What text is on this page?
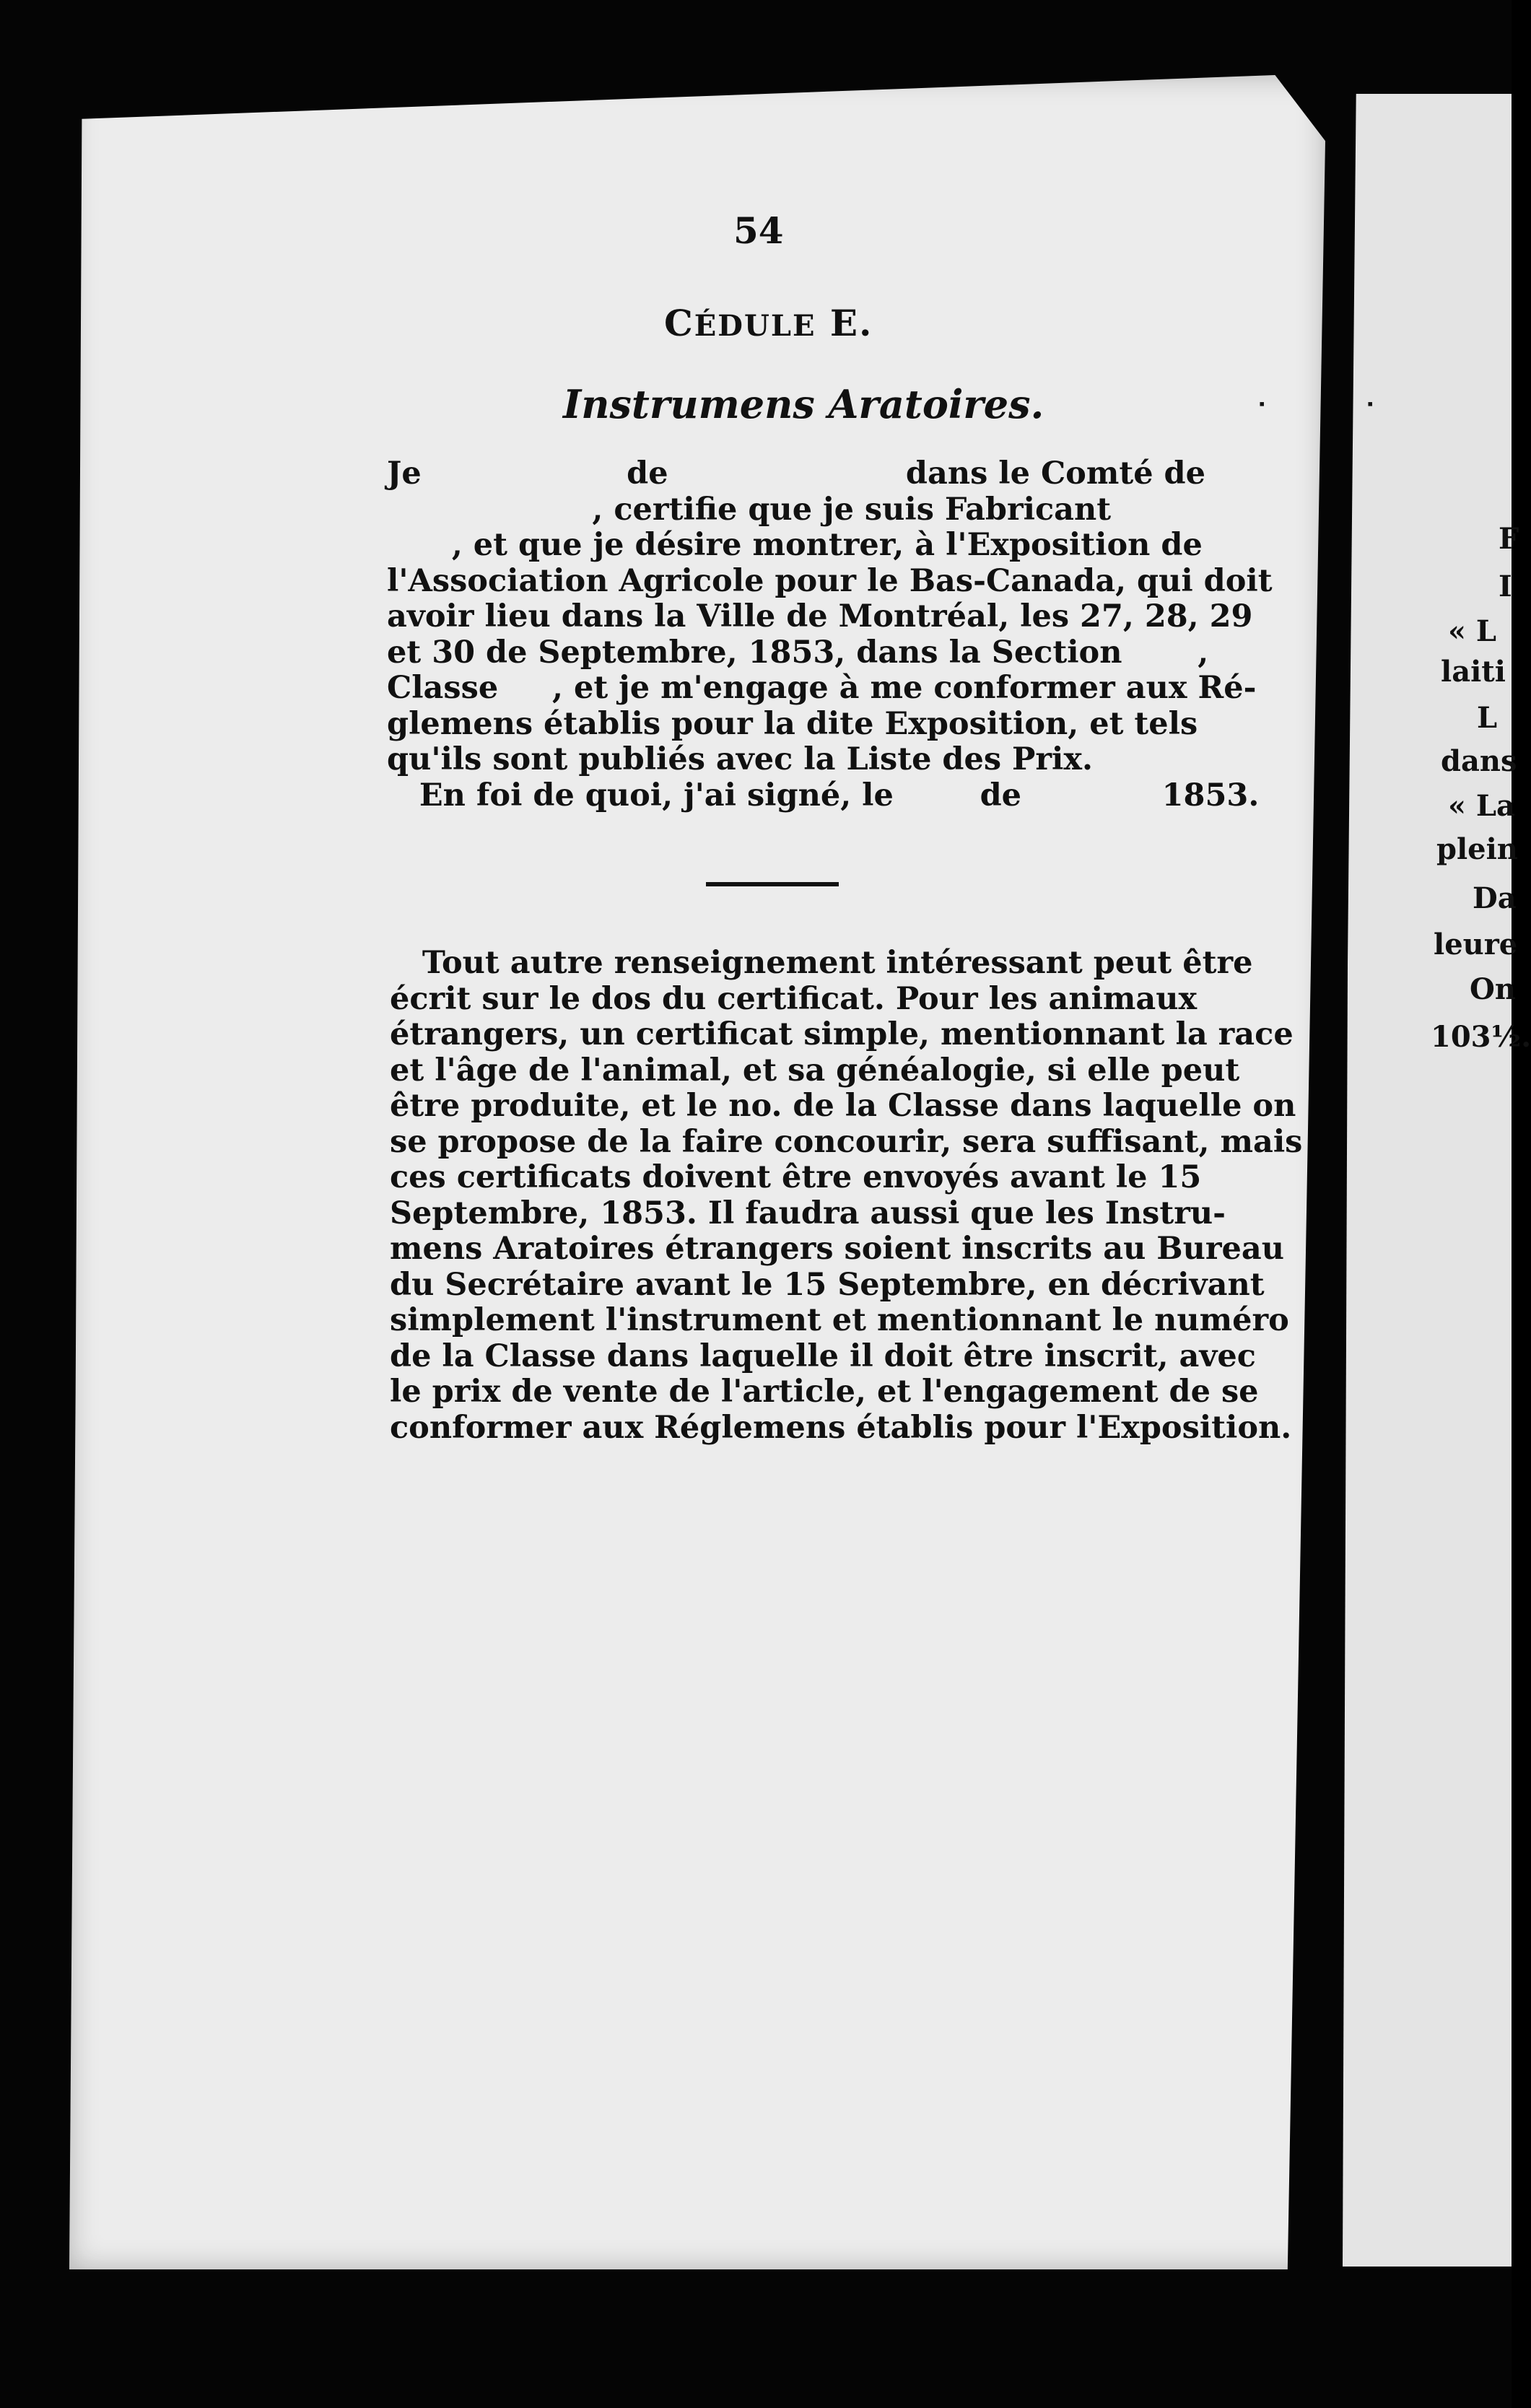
54
CÉDULE E.
Instrumens Aratoires.
Je                   de                      dans le Comté de
, certifie que je suis Fabricant
, et que je désire montrer, à l'Exposition de
l'Association Agricole pour le Bas-Canada, qui doit
avoir lieu dans la Ville de Montréal, les 27, 28, 29
et 30 de Septembre, 1853, dans la Section       ,
Classe     , et je m'engage à me conformer aux Ré-
glemens établis pour la dite Exposition, et tels
qu'ils sont publiés avec la Liste des Prix.
En foi de quoi, j'ai signé, le        de             1853.
Tout autre renseignement intéressant peut être
écrit sur le dos du certificat. Pour les animaux
étrangers, un certificat simple, mentionnant la race
et l'âge de l'animal, et sa généalogie, si elle peut
être produite, et le no. de la Classe dans laquelle on
se propose de la faire concourir, sera suffisant, mais
ces certificats doivent être envoyés avant le 15
Septembre, 1853. Il faudra aussi que les Instru-
mens Aratoires étrangers soient inscrits au Bureau
du Secrétaire avant le 15 Septembre, en décrivant
simplement l'instrument et mentionnant le numéro
de la Classe dans laquelle il doit être inscrit, avec
le prix de vente de l'article, et l'engagement de se
conformer aux Réglemens établis pour l'Exposition.
F
I
« L
laiti
L
dans
« La
plein
Da
leure
On
103½.
ᐧ	ᐧ
